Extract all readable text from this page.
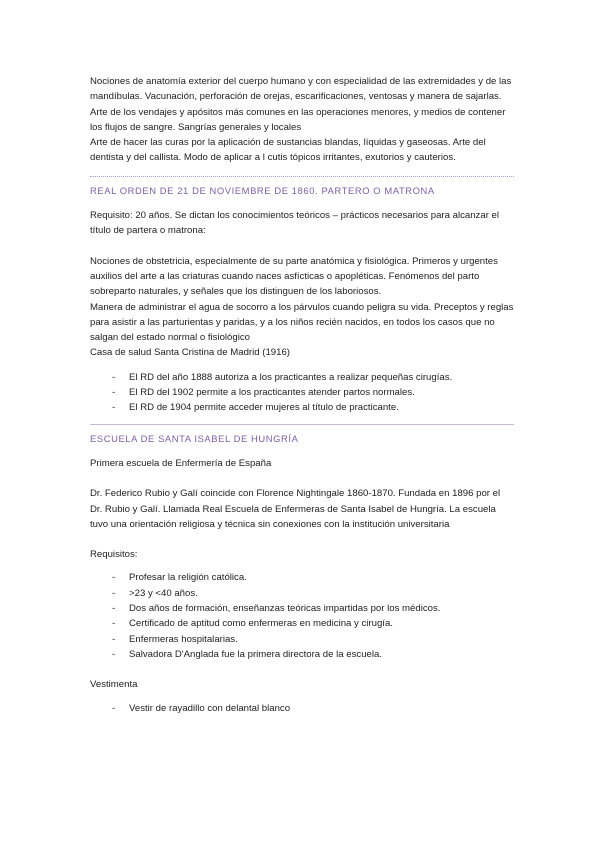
Nociones de anatomía exterior del cuerpo humano y con especialidad de las extremidades y de las mandíbulas. Vacunación, perforación de orejas, escarificaciones, ventosas y manera de sajarlas.

Arte de los vendajes y apósitos más comunes en las operaciones menores, y medios de contener los flujos de sangre. Sangrías generales y locales

Arte de hacer las curas por la aplicación de sustancias blandas, líquidas y gaseosas. Arte del dentista y del callista. Modo de aplicar a l cutis tópicos irritantes, exutorios y cauterios.

REAL ORDEN DE 21 DE NOVIEMBRE DE 1860. PARTERO O MATRONA

Requisito: 20 años. Se dictan los conocimientos teóricos – prácticos necesarios para alcanzar el título de partera o matrona:

Nociones de obstetricia, especialmente de su parte anatómica y fisiológica. Primeros y urgentes auxilios del arte a las criaturas cuando naces asfícticas o apopléticas. Fenómenos del parto sobreparto naturales, y señales que los distinguen de los laboriosos.

Manera de administrar el agua de socorro a los párvulos cuando peligra su vida. Preceptos y reglas para asistir a las parturientas y paridas, y a los niños recién nacidos, en todos los casos que no salgan del estado normal o fisiológico

Casa de salud Santa Cristina de Madrid (1916)

- El RD del año 1888 autoriza a los practicantes a realizar pequeñas cirugías.
- El RD del 1902 permite a los practicantes atender partos normales.
- El RD de 1904 permite acceder mujeres al título de practicante.

ESCUELA DE SANTA ISABEL DE HUNGRÍA

Primera escuela de Enfermería de España

Dr. Federico Rubio y Galí coincide con Florence Nightingale 1860-1870. Fundada en 1896 por el Dr. Rubio y Galí. Llamada Real Escuela de Enfermeras de Santa Isabel de Hungría. La escuela tuvo una orientación religiosa y técnica sin conexiones con la institución universitaria

Requisitos:

- Profesar la religión católica.
- >23 y <40 años.
- Dos años de formación, enseñanzas teóricas impartidas por los médicos.
- Certificado de aptitud como enfermeras en medicina y cirugía.
- Enfermeras hospitalarias.
- Salvadora D'Anglada fue la primera directora de la escuela.

Vestimenta

- Vestir de rayadillo con delantal blanco
